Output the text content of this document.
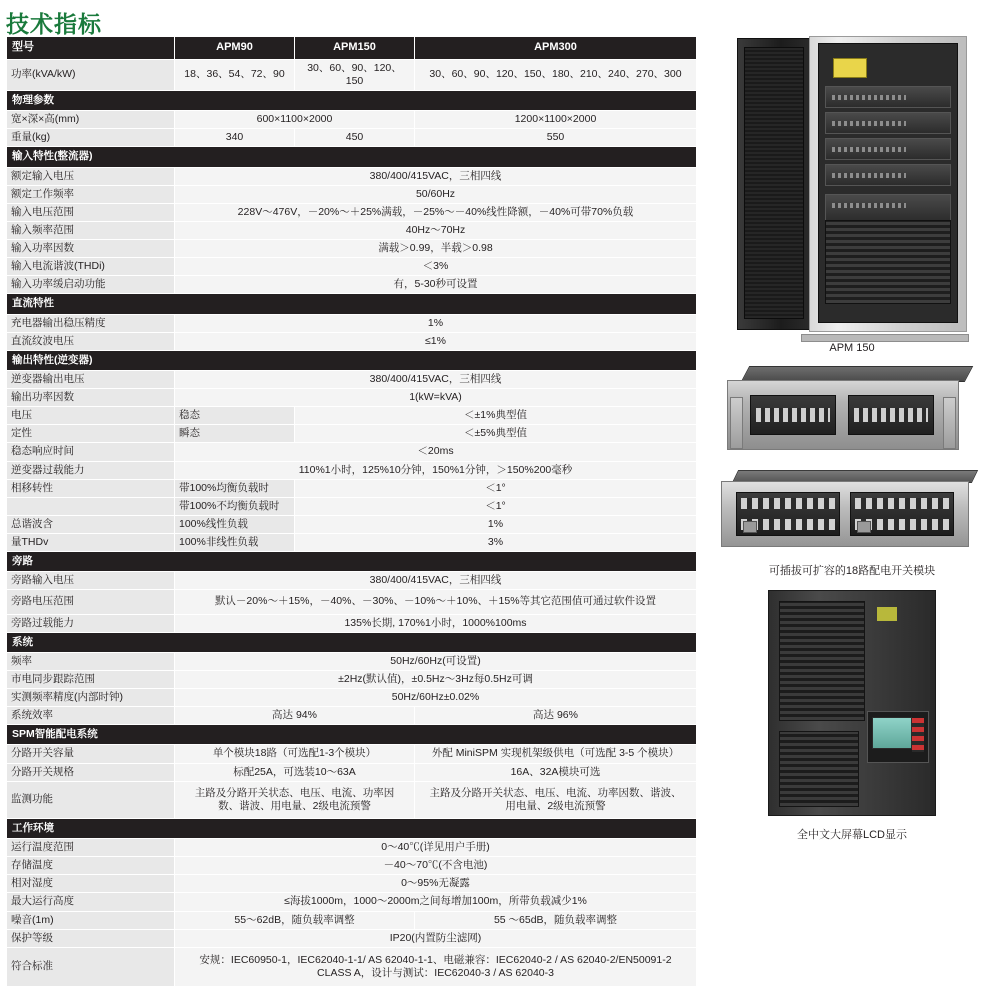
技术指标
型号	APM90	APM150	APM300
功率(kVA/kW)	18、36、54、72、90	30、60、90、120、150	30、60、90、120、150、180、210、240、270、300
物理参数			
宽×深×高(mm)	600×1100×2000		1200×1100×2000
重量(kg)	340	450	550
输入特性(整流器)			
额定输入电压	380/400/415VAC，三相四线		
额定工作频率	50/60Hz		
输入电压范围	228V～476V，－20%～＋25%满载，－25%～－40%线性降额，－40%可带70%负载		
输入频率范围	40Hz～70Hz		
输入功率因数	满载＞0.99，半载＞0.98		
输入电流谐波(THDi)	＜3%		
输入功率缓启动功能	有，5-30秒可设置		
直流特性			
充电器输出稳压精度	1%		
直流纹波电压	≤1%		
输出特性(逆变器)			
逆变器输出电压	380/400/415VAC，三相四线		
输出功率因数	1(kW=kVA)		
电压	稳态	＜±1%典型值	
定性	瞬态	＜±5%典型值	
稳态响应时间	＜20ms		
逆变器过载能力	110%1小时，125%10分钟，150%1分钟，＞150%200毫秒		
相移转性	带100%均衡负载时	＜1°	
	带100%不均衡负载时	＜1°	
总谐波含	100%线性负载	1%	
量THDv	100%非线性负载	3%	
旁路			
旁路输入电压	380/400/415VAC，三相四线		
旁路电压范围	默认－20%～＋15%，－40%、－30%、－10%～＋10%、＋15%等其它范围值可通过软件设置		
旁路过载能力	135%长期, 170%1小时，1000%100ms		
系统			
频率	50Hz/60Hz(可设置)		
市电同步跟踪范围	±2Hz(默认值)，±0.5Hz～3Hz每0.5Hz可调		
实测频率精度(内部时钟)	50Hz/60Hz±0.02%		
系统效率	高达 94%		高达 96%
SPM智能配电系统			
分路开关容量	单个模块18路（可选配1-3个模块）		外配 MiniSPM 实现机架级供电（可选配 3-5 个模块）
分路开关规格	标配25A，可选装10～63A		16A、32A模块可选
监测功能	主路及分路开关状态、电压、电流、功率因数、谐波、用电量、2级电流预警		主路及分路开关状态、电压、电流、功率因数、谐波、用电量、2级电流预警
工作环境			
运行温度范围	0～40℃(详见用户手册)		
存储温度	－40～70℃(不含电池)		
相对湿度	0～95%无凝露		
最大运行高度	≤海拔1000m，1000～2000m之间每增加100m，所带负载减少1%		
噪音(1m)	55～62dB，随负载率调整		55 ～65dB，随负载率调整
保护等级	IP20(内置防尘滤网)		
符合标准	安规：IEC60950-1，IEC62040-1-1/ AS 62040-1-1、电磁兼容：IEC62040-2 / AS 62040-2/EN50091-2 CLASS A，设计与测试：IEC62040-3 / AS 62040-3		
APM 150
可插拔可扩容的18路配电开关模块
全中文大屏幕LCD显示
